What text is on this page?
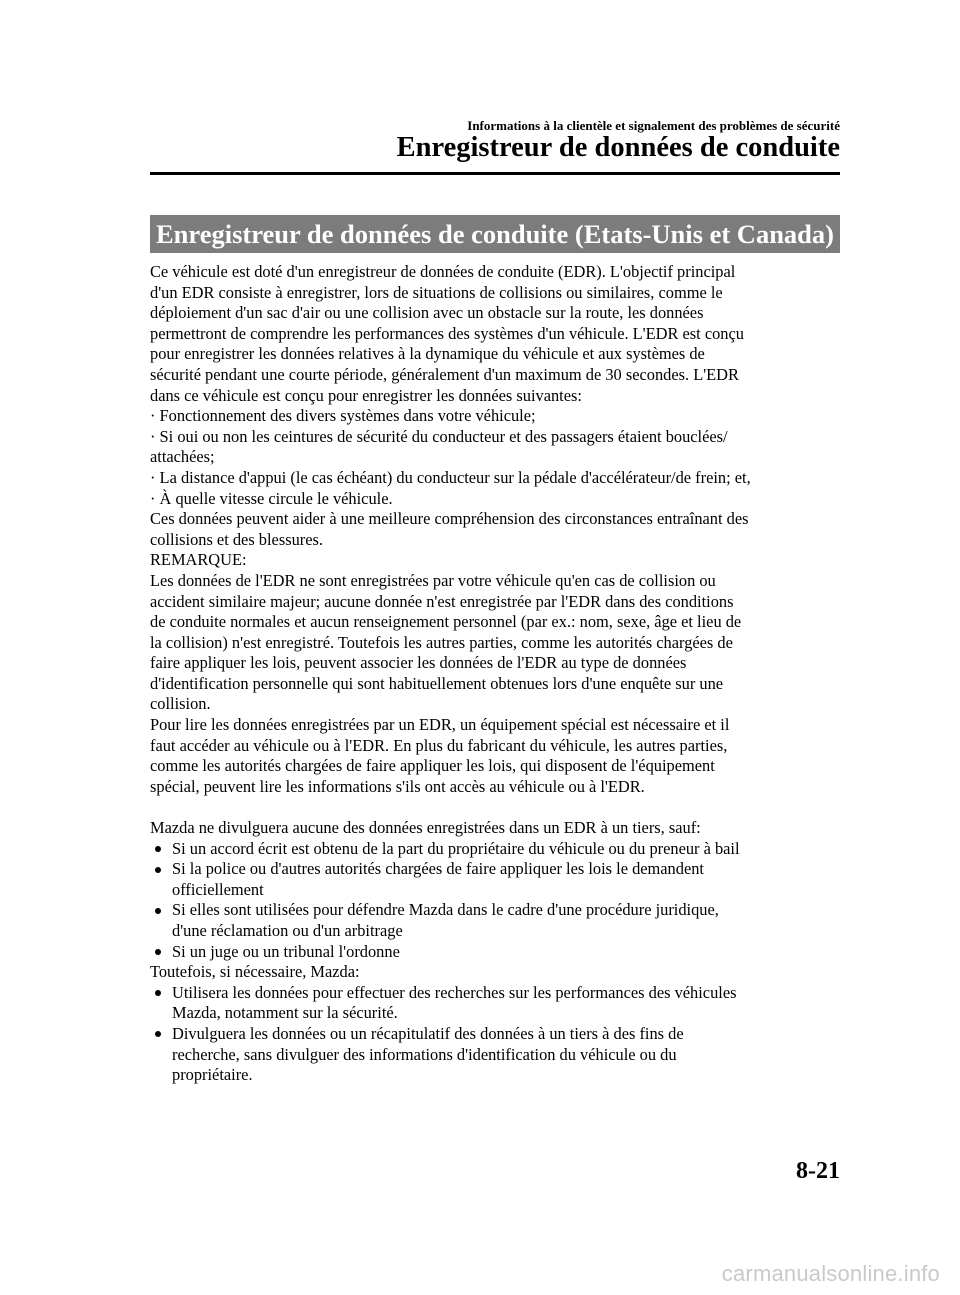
Informations à la clientèle et signalement des problèmes de sécurité
Enregistreur de données de conduite
Enregistreur de données de conduite (Etats-Unis et Canada)
Ce véhicule est doté d'un enregistreur de données de conduite (EDR). L'objectif principal
d'un EDR consiste à enregistrer, lors de situations de collisions ou similaires, comme le
déploiement d'un sac d'air ou une collision avec un obstacle sur la route, les données
permettront de comprendre les performances des systèmes d'un véhicule. L'EDR est conçu
pour enregistrer les données relatives à la dynamique du véhicule et aux systèmes de
sécurité pendant une courte période, généralement d'un maximum de 30 secondes. L'EDR
dans ce véhicule est conçu pour enregistrer les données suivantes:
· Fonctionnement des divers systèmes dans votre véhicule;
· Si oui ou non les ceintures de sécurité du conducteur et des passagers étaient bouclées/
attachées;
· La distance d'appui (le cas échéant) du conducteur sur la pédale d'accélérateur/de frein; et,
· À quelle vitesse circule le véhicule.
Ces données peuvent aider à une meilleure compréhension des circonstances entraînant des
collisions et des blessures.
REMARQUE:
Les données de l'EDR ne sont enregistrées par votre véhicule qu'en cas de collision ou
accident similaire majeur; aucune donnée n'est enregistrée par l'EDR dans des conditions
de conduite normales et aucun renseignement personnel (par ex.: nom, sexe, âge et lieu de
la collision) n'est enregistré. Toutefois les autres parties, comme les autorités chargées de
faire appliquer les lois, peuvent associer les données de l'EDR au type de données
d'identification personnelle qui sont habituellement obtenues lors d'une enquête sur une
collision.
Pour lire les données enregistrées par un EDR, un équipement spécial est nécessaire et il
faut accéder au véhicule ou à l'EDR. En plus du fabricant du véhicule, les autres parties,
comme les autorités chargées de faire appliquer les lois, qui disposent de l'équipement
spécial, peuvent lire les informations s'ils ont accès au véhicule ou à l'EDR.
Mazda ne divulguera aucune des données enregistrées dans un EDR à un tiers, sauf:
Si un accord écrit est obtenu de la part du propriétaire du véhicule ou du preneur à bail
Si la police ou d'autres autorités chargées de faire appliquer les lois le demandent
officiellement
Si elles sont utilisées pour défendre Mazda dans le cadre d'une procédure juridique,
d'une réclamation ou d'un arbitrage
Si un juge ou un tribunal l'ordonne
Toutefois, si nécessaire, Mazda:
Utilisera les données pour effectuer des recherches sur les performances des véhicules
Mazda, notamment sur la sécurité.
Divulguera les données ou un récapitulatif des données à un tiers à des fins de
recherche, sans divulguer des informations d'identification du véhicule ou du
propriétaire.
8-21
carmanualsonline.info
